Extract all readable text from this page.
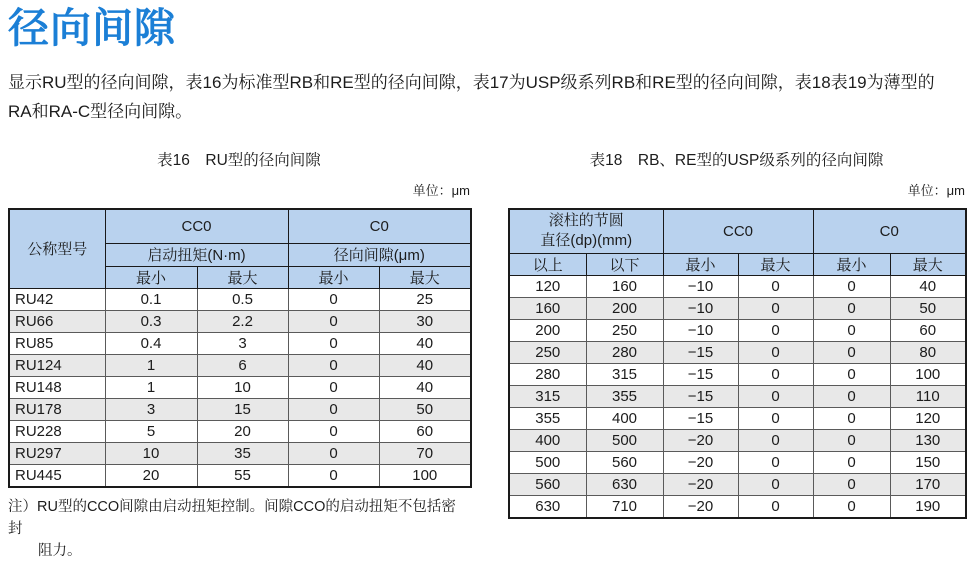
径向间隙

显示RU型的径向间隙，表16为标准型RB和RE型的径向间隙，表17为USP级系列RB和RE型的径向间隙，表18表19为薄型的
RA和RA-C型径向间隙。

表16　RU型的径向间隙
单位：μm
公称型号	CC0		C0	
	启动扭矩(N·m)		径向间隙(μm)	
	最小	最大	最小	最大
RU42	0.1	0.5	0	25
RU66	0.3	2.2	0	30
RU85	0.4	3	0	40
RU124	1	6	0	40
RU148	1	10	0	40
RU178	3	15	0	50
RU228	5	20	0	60
RU297	10	35	0	70
RU445	20	55	0	100
注）RU型的CCO间隙由启动扭矩控制。间隙CCO的启动扭矩不包括密封
阻力。
表18　RB、RE型的USP级系列的径向间隙
单位：μm
滚柱的节圆
直径(dp)(mm)		CC0		C0	
以上	以下	最小	最大	最小	最大
120	160	−10	0	0	40
160	200	−10	0	0	50
200	250	−10	0	0	60
250	280	−15	0	0	80
280	315	−15	0	0	100
315	355	−15	0	0	110
355	400	−15	0	0	120
400	500	−20	0	0	130
500	560	−20	0	0	150
560	630	−20	0	0	170
630	710	−20	0	0	190
